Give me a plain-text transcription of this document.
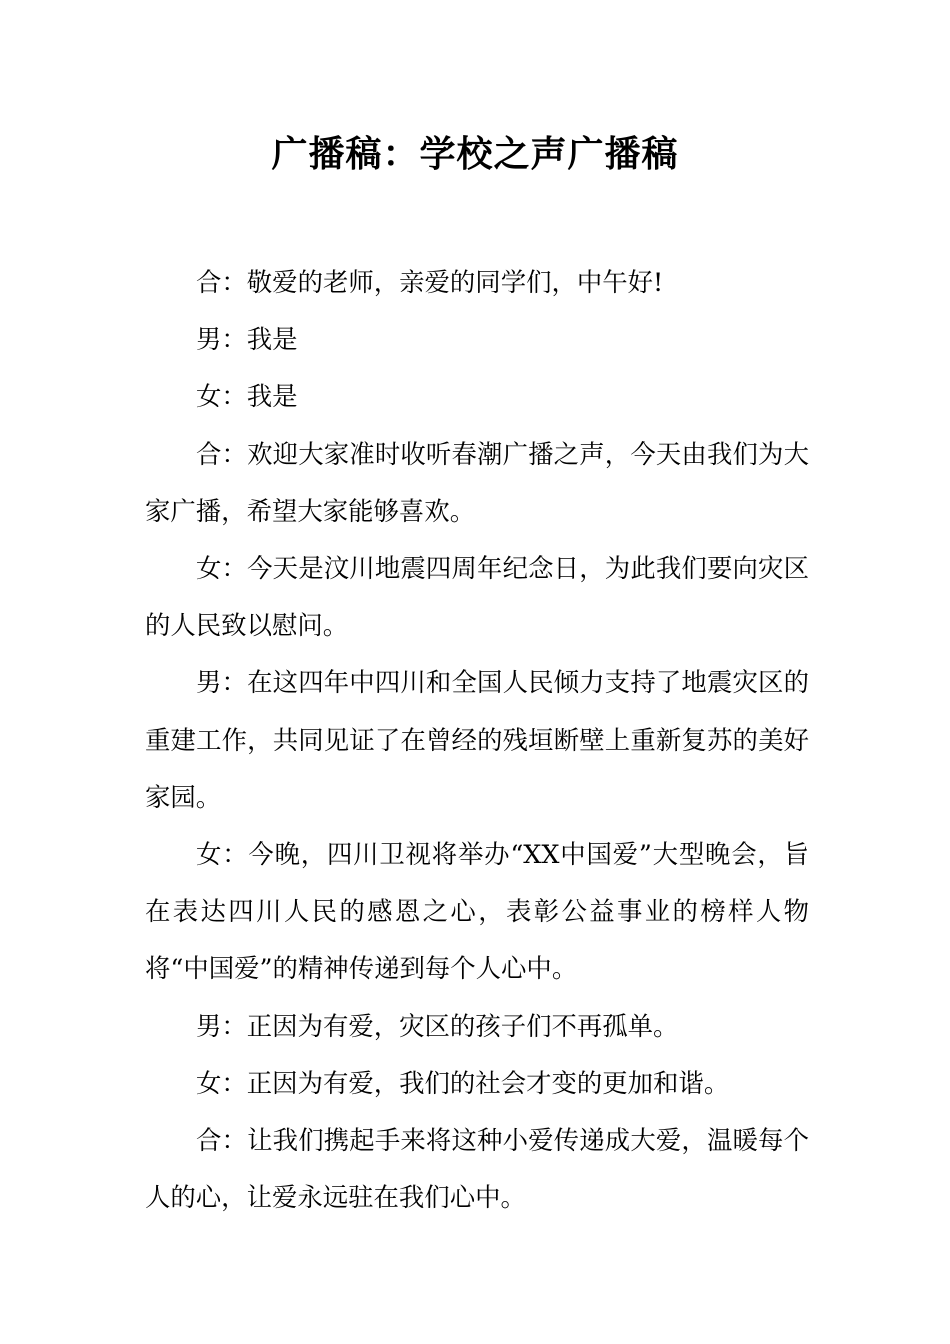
广播稿：学校之声广播稿

合：敬爱的老师，亲爱的同学们，中午好!

男：我是

女：我是

合：欢迎大家准时收听春潮广播之声，今天由我们为大家广播，希望大家能够喜欢。

女：今天是汶川地震四周年纪念日，为此我们要向灾区的人民致以慰问。

男：在这四年中四川和全国人民倾力支持了地震灾区的重建工作，共同见证了在曾经的残垣断壁上重新复苏的美好家园。

女：今晚，四川卫视将举办“XX中国爱”大型晚会，旨在表达四川人民的感恩之心，表彰公益事业的榜样人物将“中国爱”的精神传递到每个人心中。

男：正因为有爱，灾区的孩子们不再孤单。

女：正因为有爱，我们的社会才变的更加和谐。

合：让我们携起手来将这种小爱传递成大爱，温暖每个人的心，让爱永远驻在我们心中。
